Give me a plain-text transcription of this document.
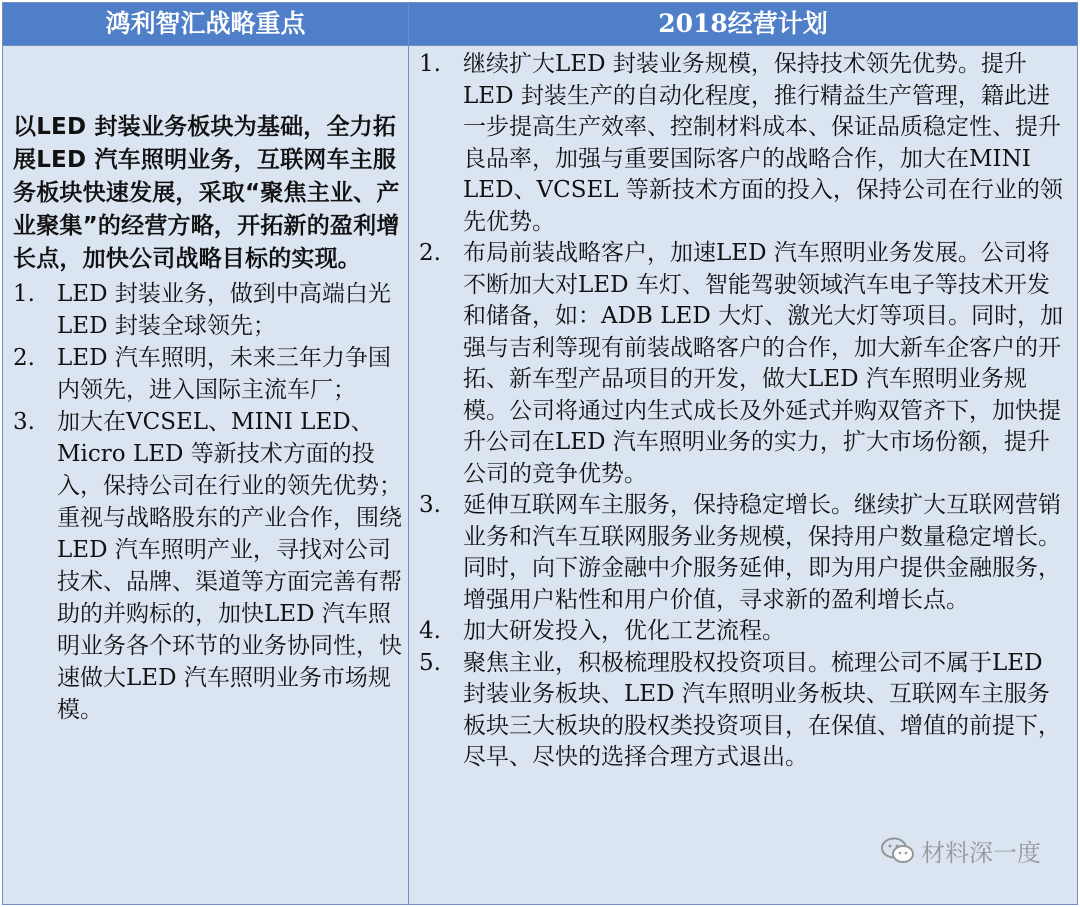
鸿利智汇战略重点

以LED 封装业务板块为基础，全力拓展LED 汽车照明业务，互联网车主服务板块快速发展，采取“聚焦主业、产业聚集”的经营方略，开拓新的盈利增长点，加快公司战略目标的实现。

1. LED 封装业务，做到中高端白光LED 封装全球领先；
2. LED 汽车照明，未来三年力争国内领先，进入国际主流车厂；
3. 加大在VCSEL、MINI LED、Micro LED 等新技术方面的投入，保持公司在行业的领先优势；重视与战略股东的产业合作，围绕LED 汽车照明产业，寻找对公司技术、品牌、渠道等方面完善有帮助的并购标的，加快LED 汽车照明业务各个环节的业务协同性，快速做大LED 汽车照明业务市场规模。
2018经营计划
1. 继续扩大LED 封装业务规模，保持技术领先优势。提升LED 封装生产的自动化程度，推行精益生产管理，籍此进一步提高生产效率、控制材料成本、保证品质稳定性、提升良品率，加强与重要国际客户的战略合作，加大在MINI LED、VCSEL 等新技术方面的投入，保持公司在行业的领先优势。
2. 布局前装战略客户，加速LED 汽车照明业务发展。公司将不断加大对LED 车灯、智能驾驶领域汽车电子等技术开发和储备，如：ADB LED 大灯、激光大灯等项目。同时，加强与吉利等现有前装战略客户的合作，加大新车企客户的开拓、新车型产品项目的开发，做大LED 汽车照明业务规模。公司将通过内生式成长及外延式并购双管齐下，加快提升公司在LED 汽车照明业务的实力，扩大市场份额，提升公司的竞争优势。
3. 延伸互联网车主服务，保持稳定增长。继续扩大互联网营销业务和汽车互联网服务业务规模，保持用户数量稳定增长。同时，向下游金融中介服务延伸，即为用户提供金融服务，增强用户粘性和用户价值，寻求新的盈利增长点。
4. 加大研发投入，优化工艺流程。
5. 聚焦主业，积极梳理股权投资项目。梳理公司不属于LED 封装业务板块、LED 汽车照明业务板块、互联网车主服务板块三大板块的股权类投资项目，在保值、增值的前提下，尽早、尽快的选择合理方式退出。
材料深一度
